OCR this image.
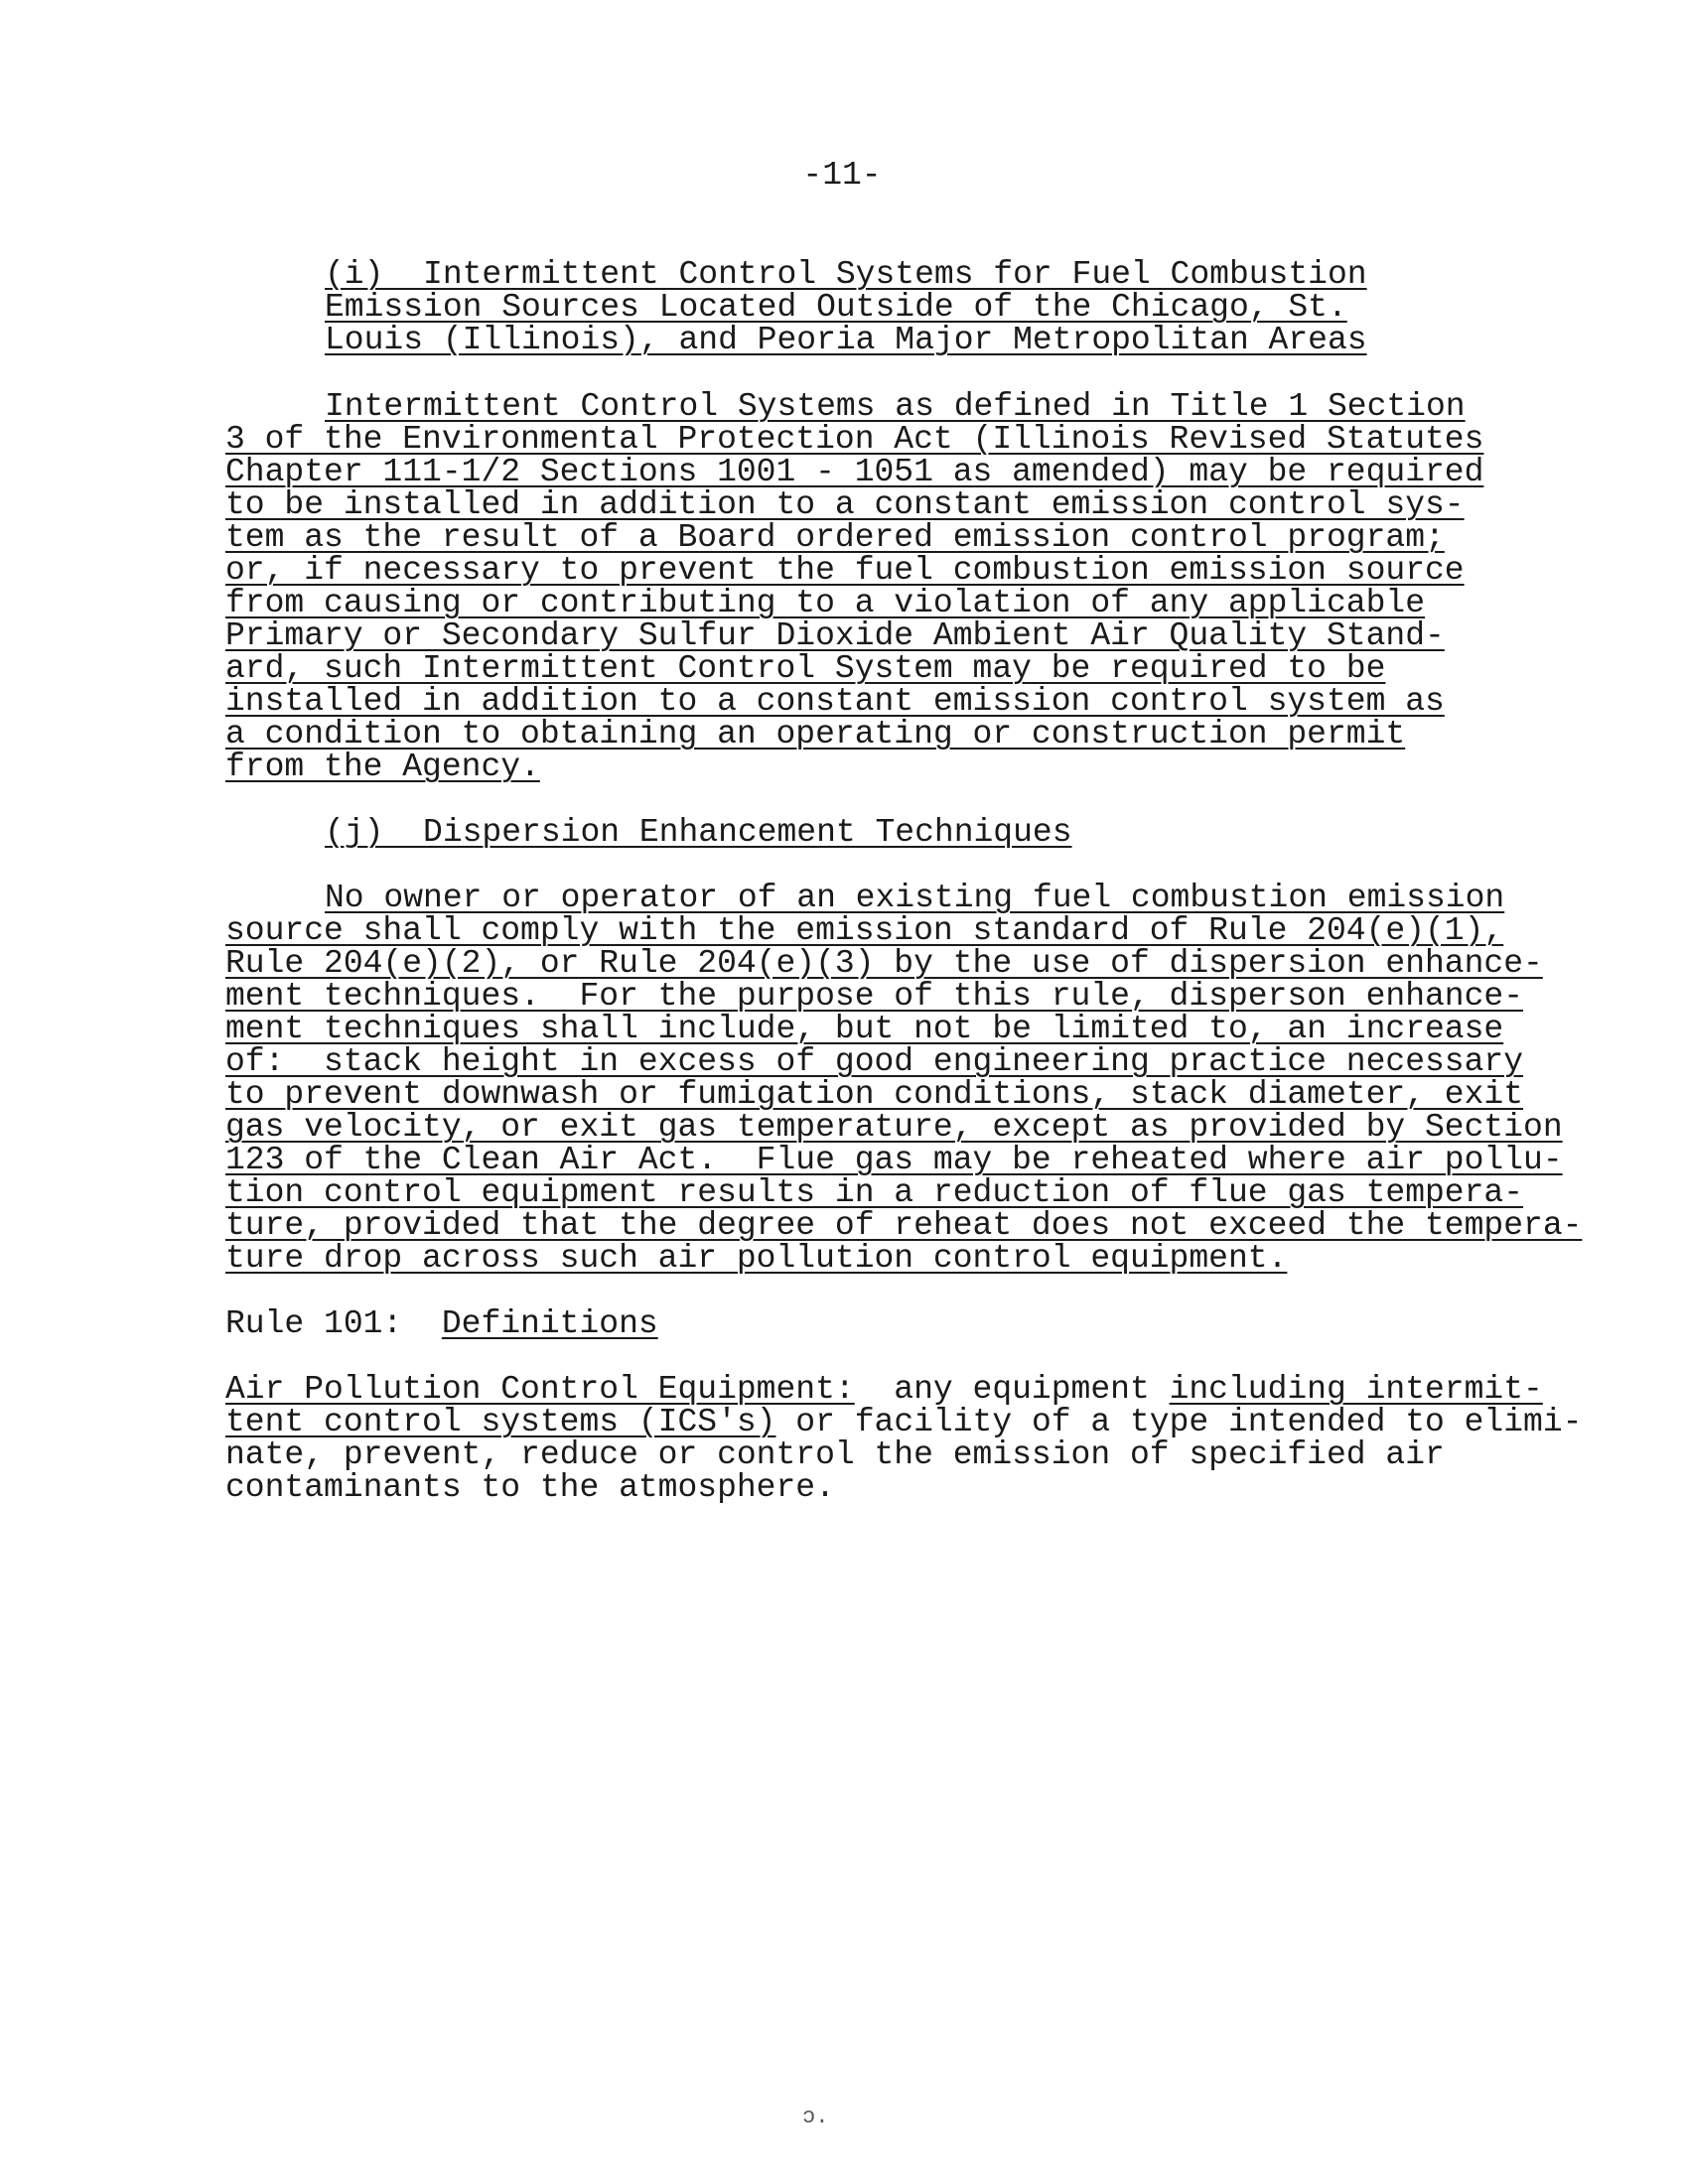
-11-

(i)  Intermittent Control Systems for Fuel Combustion

Emission Sources Located Outside of the Chicago, St.

Louis (Illinois), and Peoria Major Metropolitan Areas

Intermittent Control Systems as defined in Title 1 Section

3 of the Environmental Protection Act (Illinois Revised Statutes

Chapter 111-1/2 Sections 1001 - 1051 as amended) may be required

to be installed in addition to a constant emission control sys-

tem as the result of a Board ordered emission control program;

or, if necessary to prevent the fuel combustion emission source

from causing or contributing to a violation of any applicable

Primary or Secondary Sulfur Dioxide Ambient Air Quality Stand-

ard, such Intermittent Control System may be required to be

installed in addition to a constant emission control system as

a condition to obtaining an operating or construction permit

from the Agency.

(j)  Dispersion Enhancement Techniques

No owner or operator of an existing fuel combustion emission

source shall comply with the emission standard of Rule 204(e)(1),

Rule 204(e)(2), or Rule 204(e)(3) by the use of dispersion enhance-

ment techniques.  For the purpose of this rule, disperson enhance-

ment techniques shall include, but not be limited to, an increase

of:  stack height in excess of good engineering practice necessary

to prevent downwash or fumigation conditions, stack diameter, exit

gas velocity, or exit gas temperature, except as provided by Section

123 of the Clean Air Act.  Flue gas may be reheated where air pollu-

tion control equipment results in a reduction of flue gas tempera-

ture, provided that the degree of reheat does not exceed the tempera-

ture drop across such air pollution control equipment.

Rule 101:  Definitions

Air Pollution Control Equipment:  any equipment including intermit-

tent control systems (ICS's) or facility of a type intended to elimi-

nate, prevent, reduce or control the emission of specified air

contaminants to the atmosphere.

ɔ.
